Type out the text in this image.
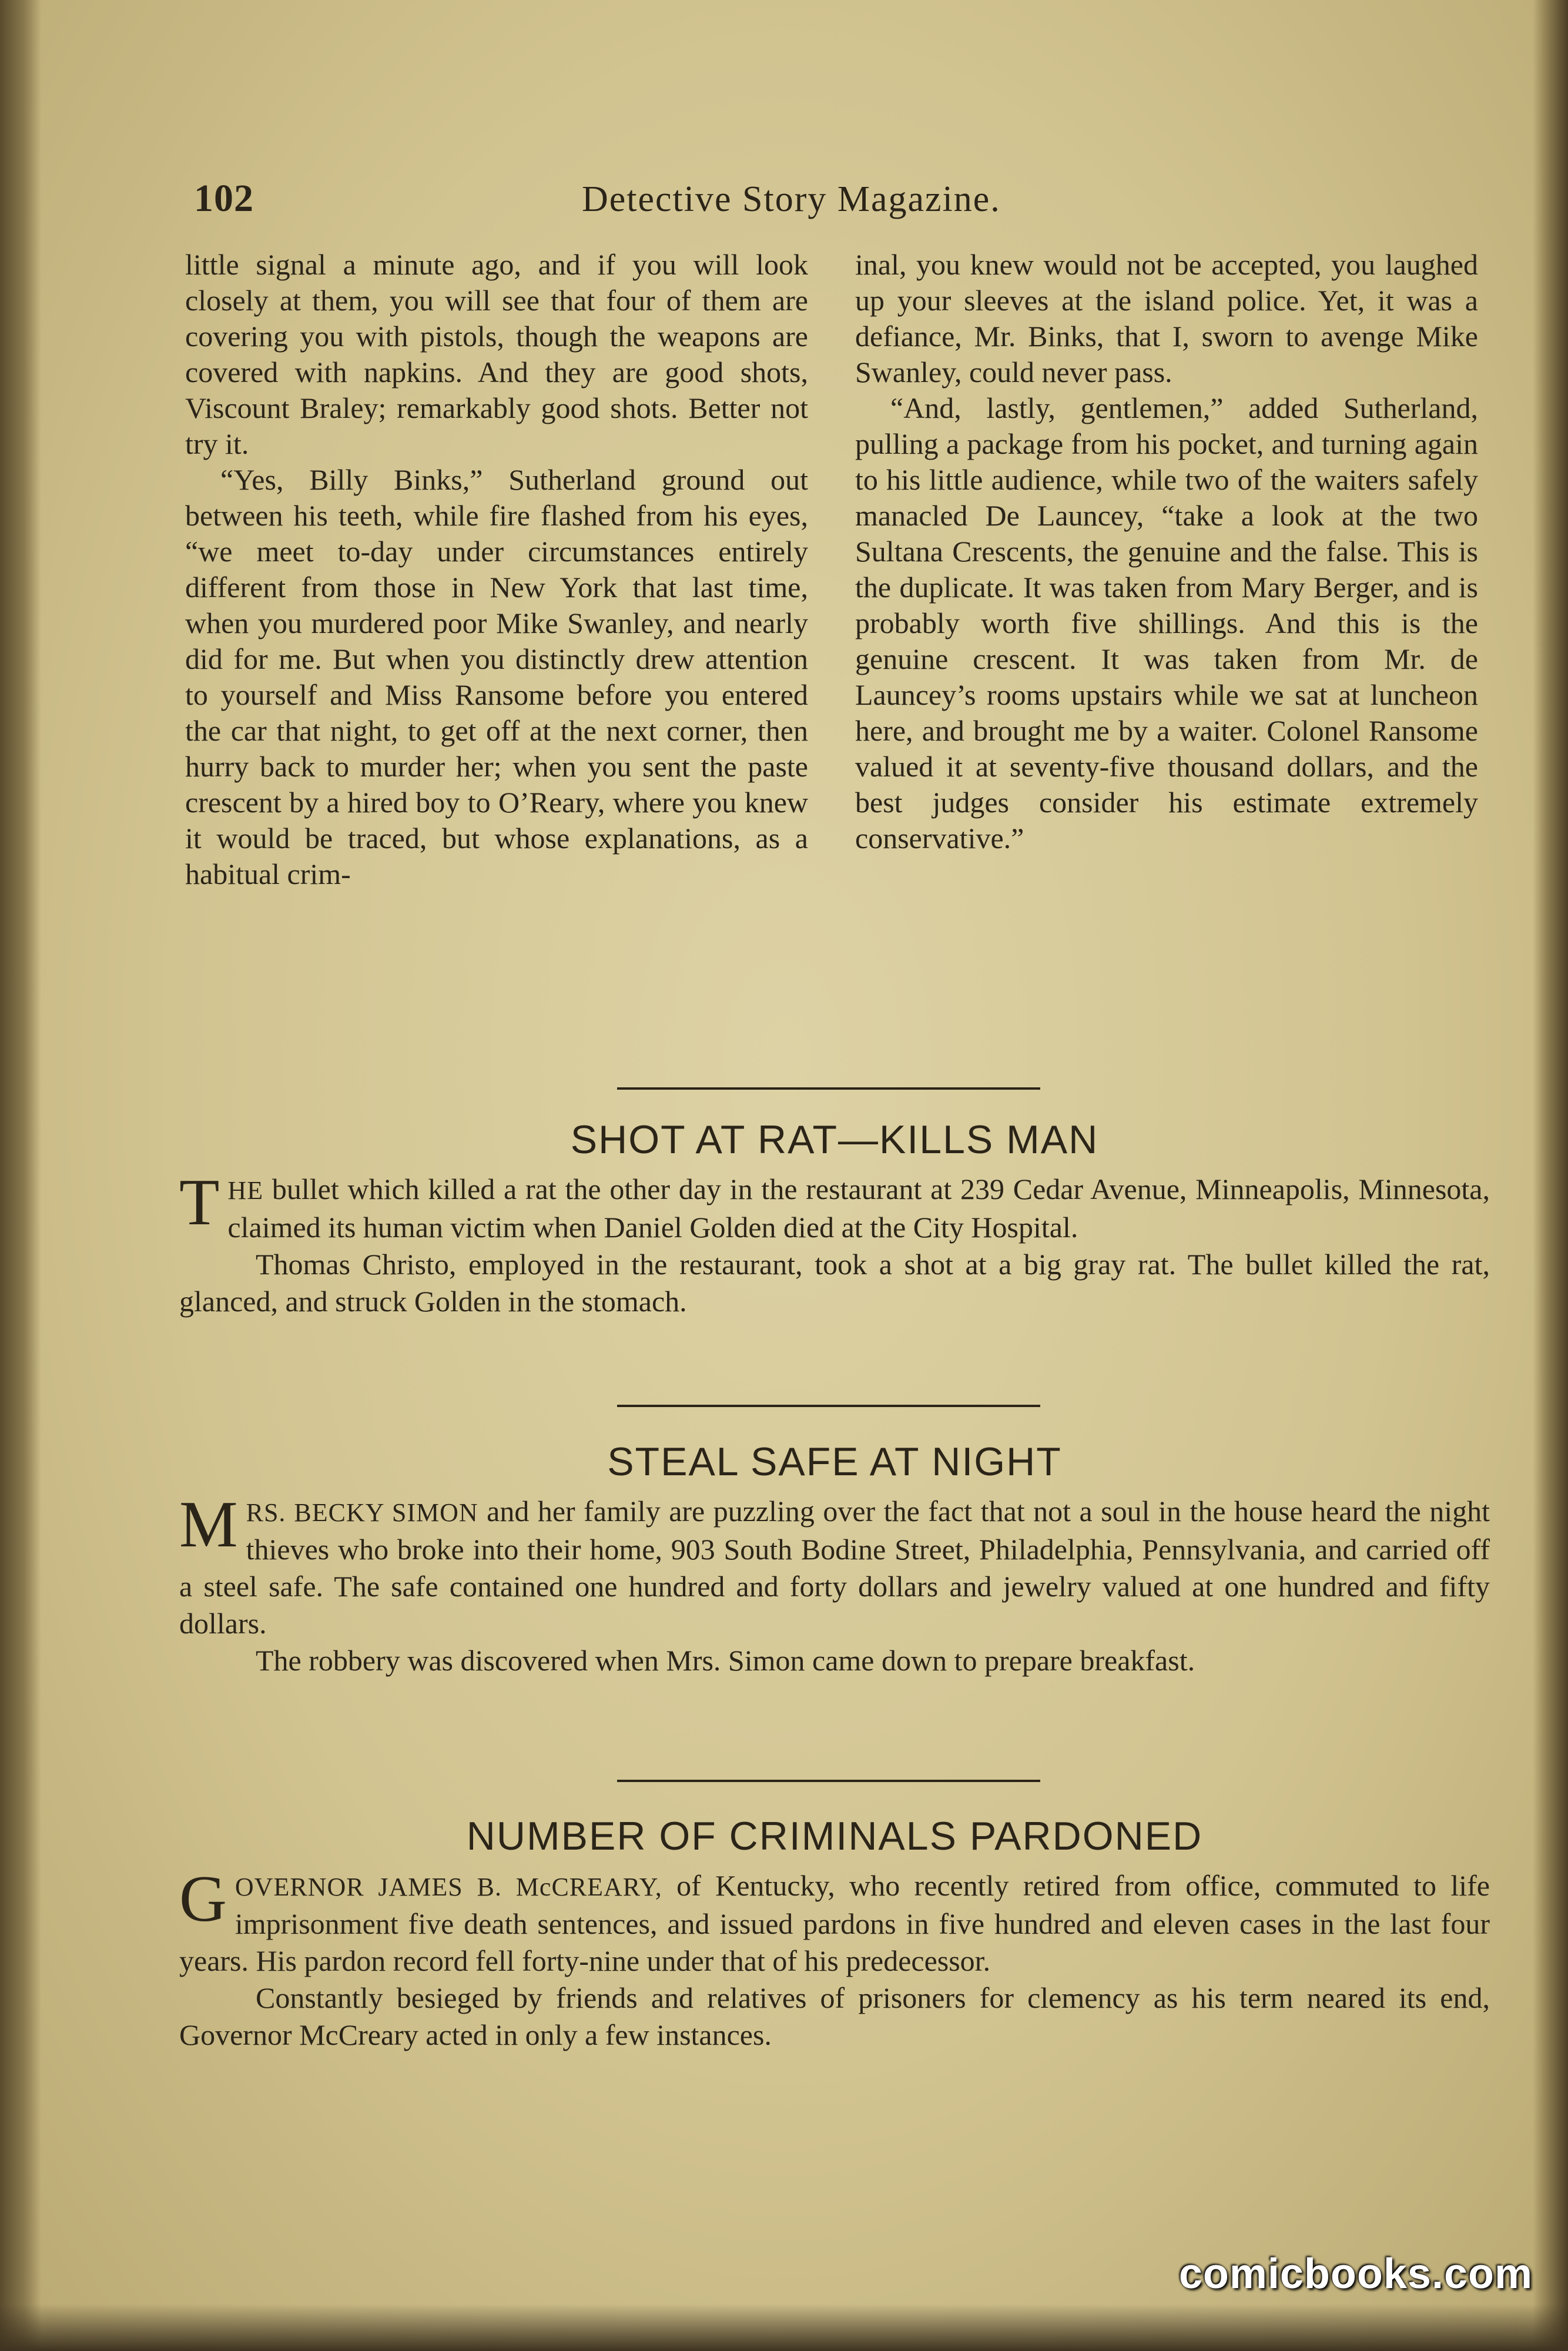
102	Detective Story Magazine.

little signal a minute ago, and if you will look closely at them, you will see that four of them are covering you with pistols, though the weapons are covered with napkins. And they are good shots, Viscount Braley; remarkably good shots. Better not try it.

“Yes, Billy Binks,” Sutherland ground out between his teeth, while fire flashed from his eyes, “we meet to-day under circumstances entirely different from those in New York that last time, when you murdered poor Mike Swanley, and nearly did for me. But when you distinctly drew attention to yourself and Miss Ransome before you entered the car that night, to get off at the next corner, then hurry back to murder her; when you sent the paste crescent by a hired boy to O’Reary, where you knew it would be traced, but whose explanations, as a habitual crim-

inal, you knew would not be accepted, you laughed up your sleeves at the island police. Yet, it was a defiance, Mr. Binks, that I, sworn to avenge Mike Swanley, could never pass.

“And, lastly, gentlemen,” added Sutherland, pulling a package from his pocket, and turning again to his little audience, while two of the waiters safely manacled De Launcey, “take a look at the two Sultana Crescents, the genuine and the false. This is the duplicate. It was taken from Mary Berger, and is probably worth five shillings. And this is the genuine crescent. It was taken from Mr. de Launcey’s rooms upstairs while we sat at luncheon here, and brought me by a waiter. Colonel Ransome valued it at seventy-five thousand dollars, and the best judges consider his estimate extremely conservative.”

SHOT AT RAT—KILLS MAN

THE bullet which killed a rat the other day in the restaurant at 239 Cedar Avenue, Minneapolis, Minnesota, claimed its human victim when Daniel Golden died at the City Hospital.

Thomas Christo, employed in the restaurant, took a shot at a big gray rat. The bullet killed the rat, glanced, and struck Golden in the stomach.

STEAL SAFE AT NIGHT

MRS. BECKY SIMON and her family are puzzling over the fact that not a soul in the house heard the night thieves who broke into their home, 903 South Bodine Street, Philadelphia, Pennsylvania, and carried off a steel safe. The safe contained one hundred and forty dollars and jewelry valued at one hundred and fifty dollars.

The robbery was discovered when Mrs. Simon came down to prepare breakfast.

NUMBER OF CRIMINALS PARDONED

GOVERNOR JAMES B. McCREARY, of Kentucky, who recently retired from office, commuted to life imprisonment five death sentences, and issued pardons in five hundred and eleven cases in the last four years. His pardon record fell forty-nine under that of his predecessor.

Constantly besieged by friends and relatives of prisoners for clemency as his term neared its end, Governor McCreary acted in only a few instances.

comicbooks.com
